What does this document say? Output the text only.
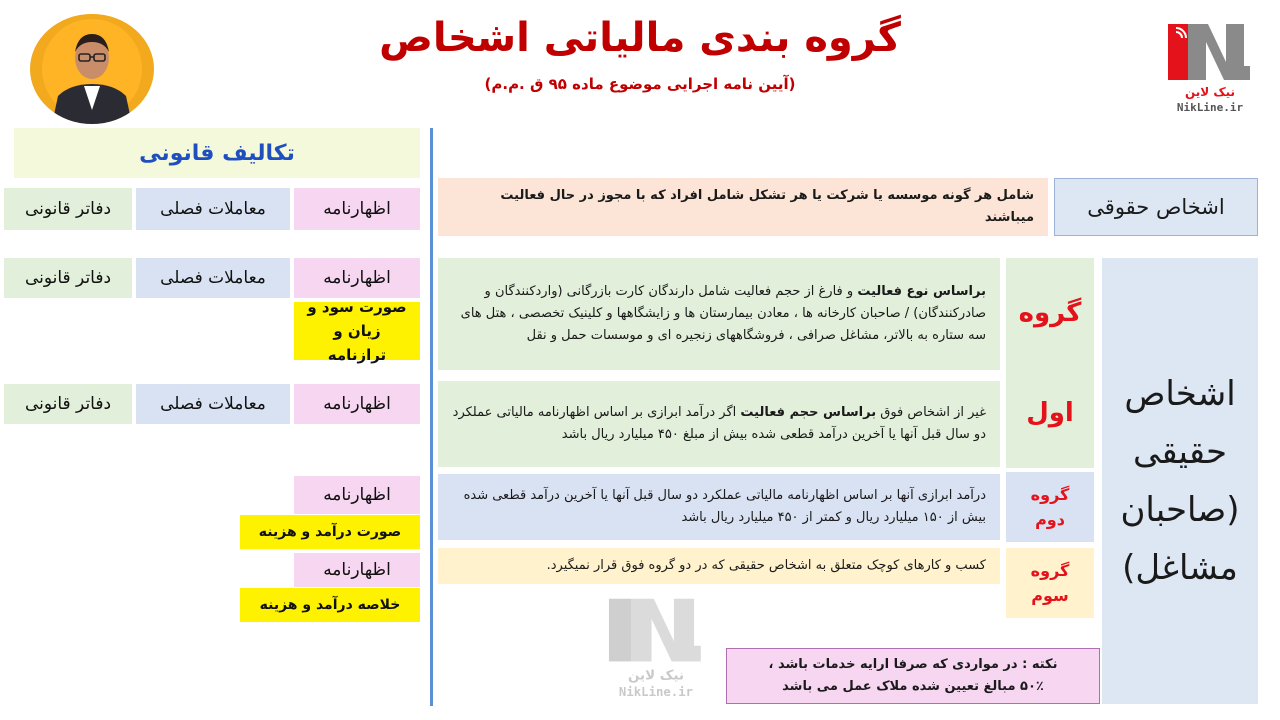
گروه بندی مالیاتی اشخاص
(آیین نامه اجرایی موضوع ماده ۹۵ ق .م.م)	نیک لاین
NikLine.ir
تکالیف قانونی
اظهارنامه
معاملات فصلی
دفاتر قانونی
اظهارنامه
معاملات فصلی
دفاتر قانونی
صورت سود و زیان و ترازنامه
اظهارنامه
معاملات فصلی
دفاتر قانونی
اظهارنامه
صورت درآمد و هزینه
اظهارنامه
خلاصه درآمد و هزینه
شامل هر گونه موسسه یا شرکت یا هر تشکل شامل افراد که با مجوز در حال فعالیت میباشند	اشخاص حقوقی
براساس نوع فعالیت و فارغ از حجم فعالیت شامل دارندگان کارت بازرگانی (واردکنندگان و صادرکنندگان) / صاحبان کارخانه ها ، معادن بیمارستان ها و زایشگاهها و کلینیک تخصصی ، هتل های سه ستاره به بالاتر، مشاغل صرافی ، فروشگاههای زنجیره ای و موسسات حمل و نقل
غیر از اشخاص فوق براساس حجم فعالیت اگر درآمد ابرازی بر اساس اظهارنامه مالیاتی عملکرد دو سال قبل آنها یا آخرین درآمد قطعی شده بیش از مبلغ ۴۵۰ میلیارد ریال باشد
درآمد ابرازی آنها بر اساس اظهارنامه مالیاتی عملکرد دو سال قبل آنها یا آخرین درآمد قطعی شده بیش از ۱۵۰ میلیارد ریال و کمتر از ۴۵۰ میلیارد ریال باشد
کسب و کارهای کوچک متعلق به اشخاص حقیقی که در دو گروه فوق قرار نمیگیرد.
گروه
اول
گروه
دوم
گروه
سوم
اشخاص
حقیقی
(صاحبان
مشاغل)
نکته : در مواردی که صرفا ارایه خدمات باشد ،
۵۰٪ مبالغ تعیین شده ملاک عمل می باشد
نیک لاین
NikLine.ir
